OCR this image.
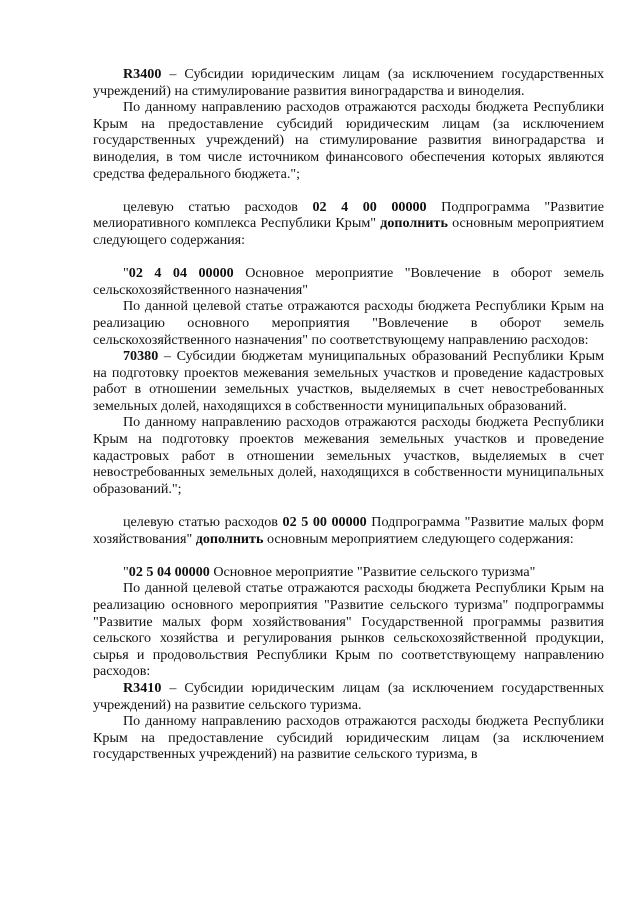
R3400 – Субсидии юридическим лицам (за исключением государственных учреждений) на стимулирование развития виноградарства и виноделия.

По данному направлению расходов отражаются расходы бюджета Республики Крым на предоставление субсидий юридическим лицам (за исключением государственных учреждений) на стимулирование развития виноградарства и виноделия, в том числе источником финансового обеспечения которых являются средства федерального бюджета.";

целевую статью расходов 02 4 00 00000 Подпрограмма "Развитие мелиоративного комплекса Республики Крым" дополнить основным мероприятием следующего содержания:

"02 4 04 00000 Основное мероприятие "Вовлечение в оборот земель сельскохозяйственного назначения"

По данной целевой статье отражаются расходы бюджета Республики Крым на реализацию основного мероприятия "Вовлечение в оборот земель сельскохозяйственного назначения" по соответствующему направлению расходов:

70380 – Субсидии бюджетам муниципальных образований Республики Крым на подготовку проектов межевания земельных участков и проведение кадастровых работ в отношении земельных участков, выделяемых в счет невостребованных земельных долей, находящихся в собственности муниципальных образований.

По данному направлению расходов отражаются расходы бюджета Республики Крым на подготовку проектов межевания земельных участков и проведение кадастровых работ в отношении земельных участков, выделяемых в счет невостребованных земельных долей, находящихся в собственности муниципальных образований.";

целевую статью расходов 02 5 00 00000 Подпрограмма "Развитие малых форм хозяйствования" дополнить основным мероприятием следующего содержания:

"02 5 04 00000 Основное мероприятие "Развитие сельского туризма"

По данной целевой статье отражаются расходы бюджета Республики Крым на реализацию основного мероприятия "Развитие сельского туризма" подпрограммы "Развитие малых форм хозяйствования" Государственной программы развития сельского хозяйства и регулирования рынков сельскохозяйственной продукции, сырья и продовольствия Республики Крым по соответствующему направлению расходов:

R3410 – Субсидии юридическим лицам (за исключением государственных учреждений) на развитие сельского туризма.

По данному направлению расходов отражаются расходы бюджета Республики Крым на предоставление субсидий юридическим лицам (за исключением государственных учреждений) на развитие сельского туризма, в
